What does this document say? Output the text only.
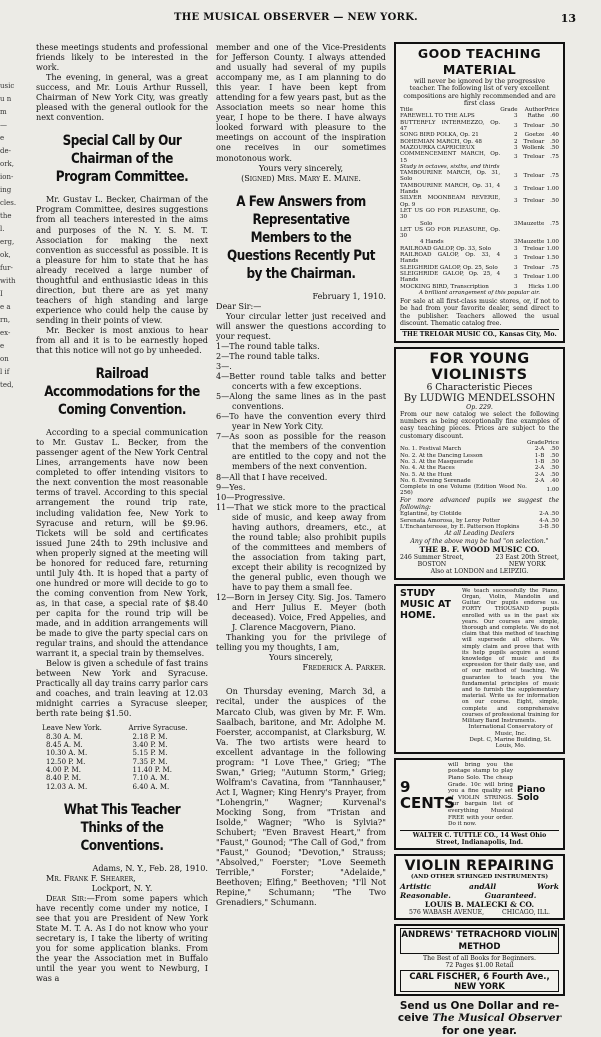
THE MUSICAL OBSERVER — NEW YORK.	13
usic
u n
m
—
e de-
ork,
ion-
ing
cles.
the
l.
erg,
ok,
fur-
with
I
e a
rn,
ex-
e on
l if
ted,
these meetings students and professional friends likely to be interested in the work.
The evening, in general, was a great success, and Mr. Louis Arthur Russell, Chairman of New York City, was greatly pleased with the general outlook for the next convention.
Special Call by Our Chairman of the Program Committee.
Mr. Gustav L. Becker, Chairman of the Program Committee, desires suggestions from all teachers interested in the aims and purposes of the N. Y. S. M. T. Association for making the next convention as successful as possible. It is a pleasure for him to state that he has already received a large number of thoughtful and enthusiastic ideas in this direction, but there are as yet many teachers of high standing and large experience who could help the cause by sending in their points of view.
Mr. Becker is most anxious to hear from all and it is to be earnestly hoped that this notice will not go by unheeded.
Railroad Accommodations for the Coming Convention.
According to a special communication to Mr. Gustav L. Becker, from the passenger agent of the New York Central Lines, arrangements have now been completed to offer intending visitors to the next convention the most reasonable terms of travel. According to this special arrangement the round trip rate, including validation fee, New York to Syracuse and return, will be $9.96. Tickets will be sold and certificates issued June 24th to 29th inclusive and when properly signed at the meeting will be honored for reduced fare, returning until July 4th. It is hoped that a party of one hundred or more will decide to go to the coming convention from New York, as, in that case, a special rate of $8.40 per capita for the round trip will be made, and in addition arrangements will be made to give the party special cars on regular trains, and should the attendance warrant it, a special train by themselves.
Below is given a schedule of fast trains between New York and Syracuse. Practically all day trains carry parlor cars and coaches, and train leaving at 12.03 midnight carries a Syracuse sleeper, berth rate being $1.50.
Leave New York.	Arrive Syracuse.
8.30 A. M.	2.18 P. M.
8.45 A. M.	3.40 P. M.
10.30 A. M.	5.15 P. M.
12.50 P. M.	7.35 P. M.
4.00 P. M.	11.40 P. M.
8.40 P. M.	7.10 A. M.
12.03 A. M.	6.40 A. M.
What This Teacher Thinks of the Conventions.
Adams, N. Y., Feb. 28, 1910.
Mr. Frank F. Shearer,
Lockport, N. Y.
Dear Sir:—From some papers which have recently come under my notice, I see that you are President of New York State M. T. A. As I do not know who your secretary is, I take the liberty of writing you for some application blanks. From the year the Association met in Buffalo until the year you went to Newburg, I was a
member and one of the Vice-Presidents for Jefferson County. I always attended and usually had several of my pupils accompany me, as I am planning to do this year. I have been kept from attending for a few years past, but as the Association meets so near home this year, I hope to be there. I have always looked forward with pleasure to the meetings on account of the inspiration one receives in our sometimes monotonous work.
Yours very sincerely,
(Signed) Mrs. Mary E. Maine.
A Few Answers from Representative Members to the Questions Recently Put by the Chairman.
February 1, 1910.
Dear Sir:—
Your circular letter just received and will answer the questions according to your request.
1—The round table talks.
2—The round table talks.
3—.
4—Better round table talks and better concerts with a few exceptions.
5—Along the same lines as in the past conventions.
6—To have the convention every third year in New York City.
7—As soon as possible for the reason that the members of the convention are entitled to the copy and not the members of the next convention.
8—All that I have received.
9—Yes.
10—Progressive.
11—That we stick more to the practical side of music, and keep away from having authors, dreamers, etc., at the round table; also prohibit pupils of the committees and members of the association from taking part, except their ability is recognized by the general public, even though we have to pay them a small fee.
12—Born in Jersey City. Sig. Jos. Tamero and Herr Julius E. Meyer (both deceased). Voice, Fred Appelies, and J. Clarence Macgovern, Piano.
Thanking you for the privilege of telling you my thoughts, I am,
Yours sincerely,
Frederick A. Parker.
On Thursday evening, March 3d, a recital, under the auspices of the Marcato Club, was given by Mr. F. Wm. Saalbach, baritone, and Mr. Adolphe M. Foerster, accompanist, at Clarksburg, W. Va. The two artists were heard to excellent advantage in the following program: "I Love Thee," Grieg; "The Swan," Grieg; "Autumn Storm," Grieg; Wolfram's Cavatina, from "Tannhauser," Act I, Wagner; King Henry's Prayer, from "Lohengrin," Wagner; Kurvenal's Mocking Song, from "Tristan and Isolde," Wagner; "Who is Sylvia?" Schubert; "Even Bravest Heart," from "Faust," Gounod; "The Call of God," from "Faust," Gounod; "Devotion," Strauss; "Absolved," Foerster; "Love Seemeth Terrible," Forster; "Adelaide," Beethoven; Elfing," Beethoven; "I'll Not Repine," Schumann; "The Two Grenadiers," Schumann.
GOOD TEACHING MATERIAL
will never be ignored by the progressive teacher. The following list of very excellent compositions are highly recommended and are first class
Title	Grade	Author	Price
FAREWELL TO THE ALPS	3	Rathe	.60
BUTTERFLY INTERMEZZO, Op. 47	3	Treloar	.50
SONG BIRD POLKA, Op. 21	2	Goetze	.40
BOHEMIAN MARCH, Op. 48	2	Treloar	.50
MAZOURKA CAPRICIEUX	3	Wollenk	.50
COMMENCEMENT MARCH, Op. 15	3	Treloar	.75
Study in octaves, sixths, and thirds			
TAMBOURINE MARCH, Op. 31, Solo	3	Treloar	.75
TAMBOURINE MARCH, Op. 31, 4 Hands	3	Treloar	1.00
SILVER MOONBEAM REVERIE, Op. 9	3	Treloar	.50
LET US GO FOR PLEASURE, Op. 30			
Solo	3	Mauzette	.75
LET US GO FOR PLEASURE, Op. 30			
4 Hands	3	Mauzette	1.00
RAILROAD GALOP, Op. 33, Solo	3	Treloar	1.00
RAILROAD GALOP, Op. 33, 4 Hands	3	Treloar	1.50
SLEIGHRIDE GALOP, Op. 25, Solo	3	Treloar	.75
SLEIGHRIDE GALOP, Op. 25, 4 Hands	3	Treloar	1.00
MOCKING BIRD, Transcription	3	Hicks	1.00
A brilliant arrangement of this popular air.			
For sale at all first-class music stores, or, if not to be had from your favorite dealer, send direct to the publisher. Teachers allowed the usual discount. Thematic catalog free.
THE TRELOAR MUSIC CO., Kansas City, Mo.
FOR YOUNG VIOLINISTS
6 Characteristic Pieces
By LUDWIG MENDELSSOHN
Op. 229.
From our new catalog we select the following numbers as being exceptionally fine examples of easy teaching pieces. Prices are subject to the customary discount.
	Grade	Price
No. 1. Festival March	2-A	.50
No. 2. At the Dancing Lesson	1-B	.50
No. 3. At the Masquerade	1-B	.50
No. 4. At the Races	2-A	.50
No. 5. At the Hunt	2-A	.50
No. 6. Evening Serenade	2-A	.40
Complete in one Volume (Edition Wood No. 256)		1.00
For more advanced pupils we suggest the following:
Eglantine, by Clotilde	2-A	.50
Serenata Amorosa, by Leroy Potter	4-A	.50
L'Enchanteresse, by E. Patterson Hopkins	3-B	.50
At all Leading Dealers
Any of the above may be had "on selection."
THE B. F. WOOD MUSIC CO.
246 Summer Street,
BOSTON
23 East 20th Street,
NEW YORK
Also at LONDON and LEIPZIG.
STUDY MUSIC AT HOME.
We teach successfully the Piano, Organ, Violin, Mandolin and Guitar. Our pupils endorse us. FORTY THOUSAND pupils enrolled with us in the past six years. Our courses are simple, thorough and complete. We do not claim that this method of teaching will supersede all others. We simply claim and prove that with its help pupils acquire a sound knowledge of music and its expression for their daily use, and of our method of teaching. We guarantee to teach you the fundamental principles of music and to furnish the supplementary material. Write us for information on our course. Eight, simple, complete and comprehensive courses of professional training for Military Band Instruments.
International Conservatory of Music, Inc.
Dept. C, Marine Building, St. Louis, Mo.
9 CENTS
will bring you the postage stamp to play Piano Solo. The cheap Grade. 10c will bring you a fine quality set of VIOLIN STRINGS. Our bargain list of everything Musical FREE with your order. Do it now.
Piano Solo
WALTER C. TUTTLE CO., 14 West Ohio Street, Indianapolis, Ind.
VIOLIN REPAIRING
(AND OTHER STRINGED INSTRUMENTS)
Artistic and Reasonable.
All Work Guaranteed.
LOUIS B. MALECKI & CO.
576 WABASH AVENUE,	CHICAGO, ILL.
ANDREWS' TETRACHORD VIOLIN METHOD
The Best of all Books for Beginners.
72 Pages $1.00 Retail
CARL FISCHER, 6 Fourth Ave., NEW YORK
Send us One Dollar and re-
ceive The Musical Observer
for one year.
